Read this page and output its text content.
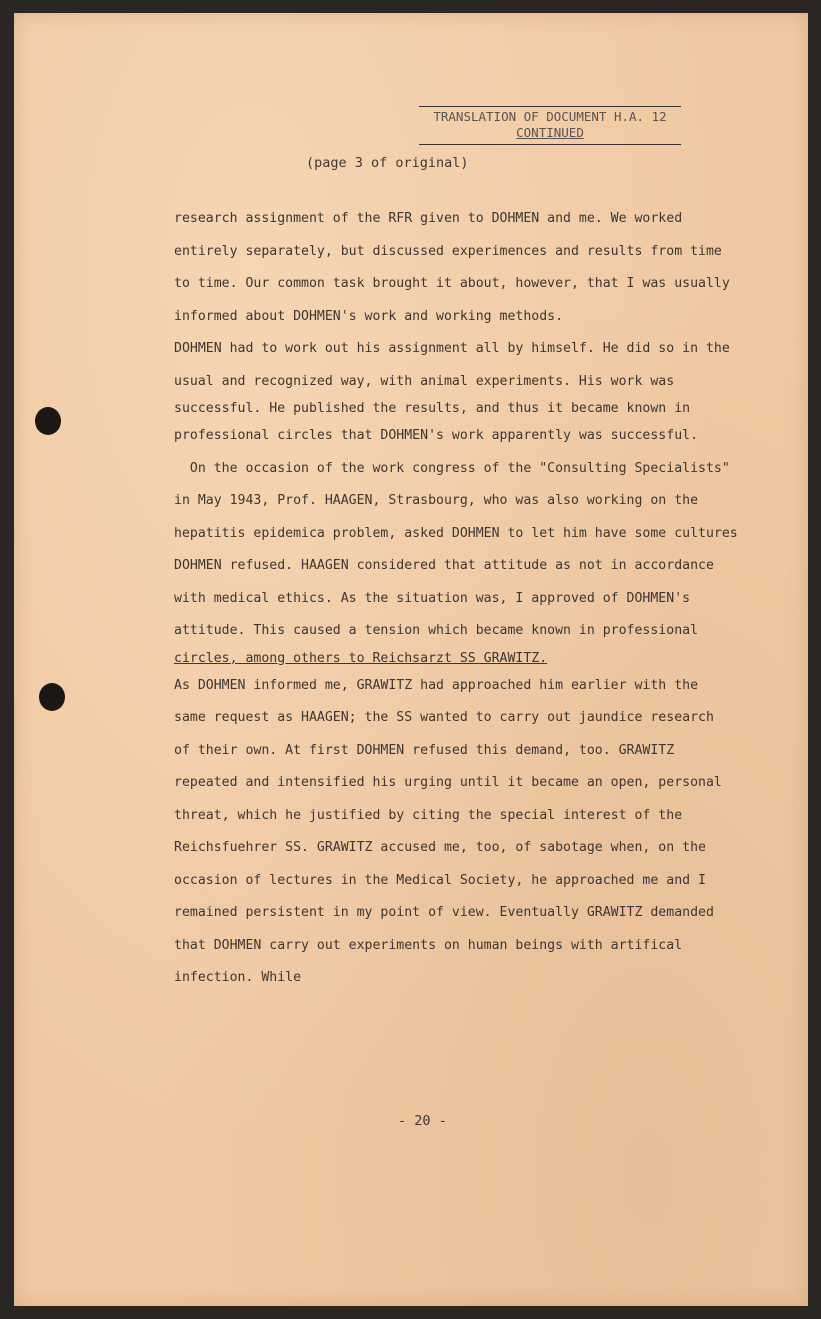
TRANSLATION OF DOCUMENT H.A. 12
CONTINUED
(page 3 of original)
research assignment of the RFR given to DOHMEN and me. We worked
entirely separately, but discussed experimences and results from time
to time. Our common task brought it about, however, that I was usually
informed about DOHMEN's work and working methods.
DOHMEN had to work out his assignment all by himself. He did so in the
usual and recognized way, with animal experiments. His work was
successful. He published the results, and thus it became known in
professional circles that DOHMEN's work apparently was successful.
On the occasion of the work congress of the "Consulting Specialists"
in May 1943, Prof. HAAGEN, Strasbourg, who was also working on the
hepatitis epidemica problem, asked DOHMEN to let him have some cultures
DOHMEN refused. HAAGEN considered that attitude as not in accordance
with medical ethics. As the situation was, I approved of DOHMEN's
attitude. This caused a tension which became known in professional
circles, among others to Reichsarzt SS GRAWITZ.
As DOHMEN informed me, GRAWITZ had approached him earlier with the
same request as HAAGEN; the SS wanted to carry out jaundice research
of their own. At first DOHMEN refused this demand, too. GRAWITZ
repeated and intensified his urging until it became an open, personal
threat, which he justified by citing the special interest of the
Reichsfuehrer SS. GRAWITZ accused me, too, of sabotage when, on the
occasion of lectures in the Medical Society, he approached me and I
remained persistent in my point of view. Eventually GRAWITZ demanded
that DOHMEN carry out experiments on human beings with artifical
infection. While
- 20 -
